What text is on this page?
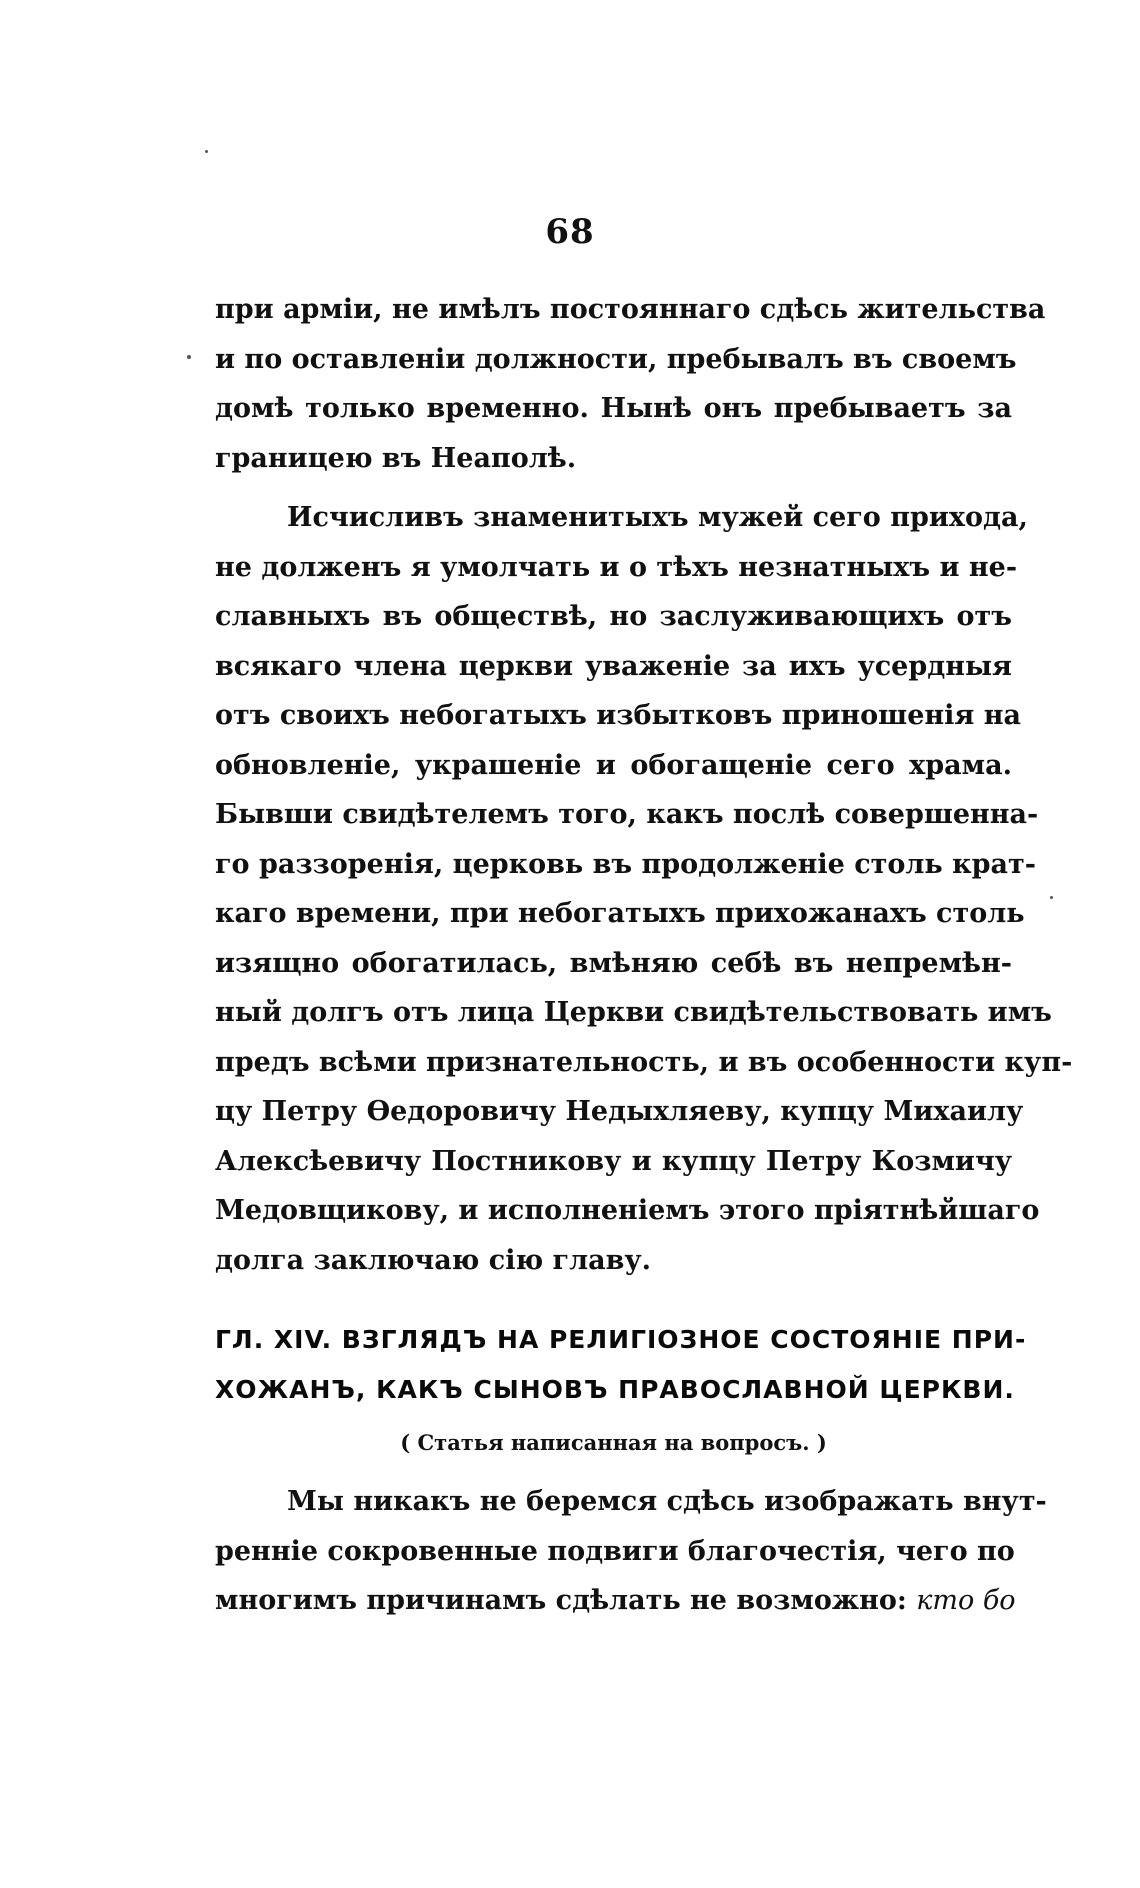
68
при арміи, не имѣлъ постояннаго сдѣсь жительства
и по оставленіи должности, пребывалъ въ своемъ
домѣ только временно. Нынѣ онъ пребываетъ за
границею въ Неаполѣ.
Исчисливъ знаменитыхъ мужей сего прихода,
не долженъ я умолчать и о тѣхъ незнатныхъ и не-
славныхъ въ обществѣ, но заслуживающихъ отъ
всякаго члена церкви уваженіе за ихъ усердныя
отъ своихъ небогатыхъ избытковъ приношенія на
обновленіе, украшеніе и обогащеніе сего храма.
Бывши свидѣтелемъ того, какъ послѣ совершенна-
го раззоренія, церковь въ продолженіе столь крат-
каго времени, при небогатыхъ прихожанахъ столь
изящно обогатилась, вмѣняю себѣ въ непремѣн-
ный долгъ отъ лица Церкви свидѣтельствовать имъ
предъ всѣми признательность, и въ особенности куп-
цу Петру Ѳедоровичу Недыхляеву, купцу Михаилу
Алексѣевичу Постникову и купцу Петру Козмичу
Медовщикову, и исполненіемъ этого пріятнѣйшаго
долга заключаю сію главу.
ГЛ. XIV. ВЗГЛЯДЪ НА РЕЛИГІОЗНОЕ СОСТОЯНІЕ ПРИ-
ХОЖАНЪ, КАКЪ СЫНОВЪ ПРАВОСЛАВНОЙ ЦЕРКВИ.
( Статья написанная на вопросъ. )
Мы никакъ не беремся сдѣсь изображать внут-
ренніе сокровенные подвиги благочестія, чего по
многимъ причинамъ сдѣлать не возможно: кто бо
